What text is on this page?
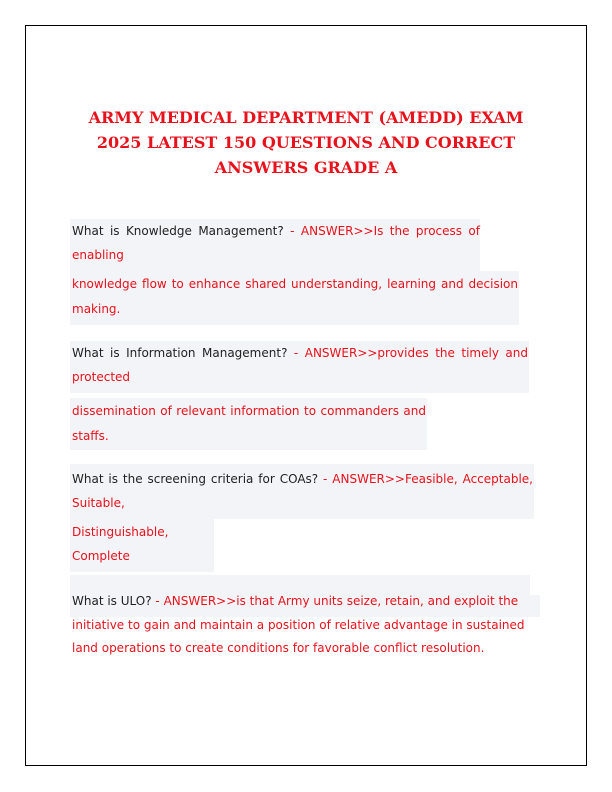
ARMY MEDICAL DEPARTMENT (AMEDD) EXAM
2025 LATEST 150 QUESTIONS AND CORRECT
ANSWERS GRADE A
What is Knowledge Management? - ANSWER>>Is the process of
enabling
knowledge flow to enhance shared understanding, learning and decision
making.
What is Information Management? - ANSWER>>provides the timely and
protected
dissemination of relevant information to commanders and
staffs.
What is the screening criteria for COAs? - ANSWER>>Feasible, Acceptable,
Suitable,
Distinguishable,
Complete
What is ULO? - ANSWER>>is that Army units seize, retain, and exploit the
initiative to gain and maintain a position of relative advantage in sustained
land operations to create conditions for favorable conflict resolution.
